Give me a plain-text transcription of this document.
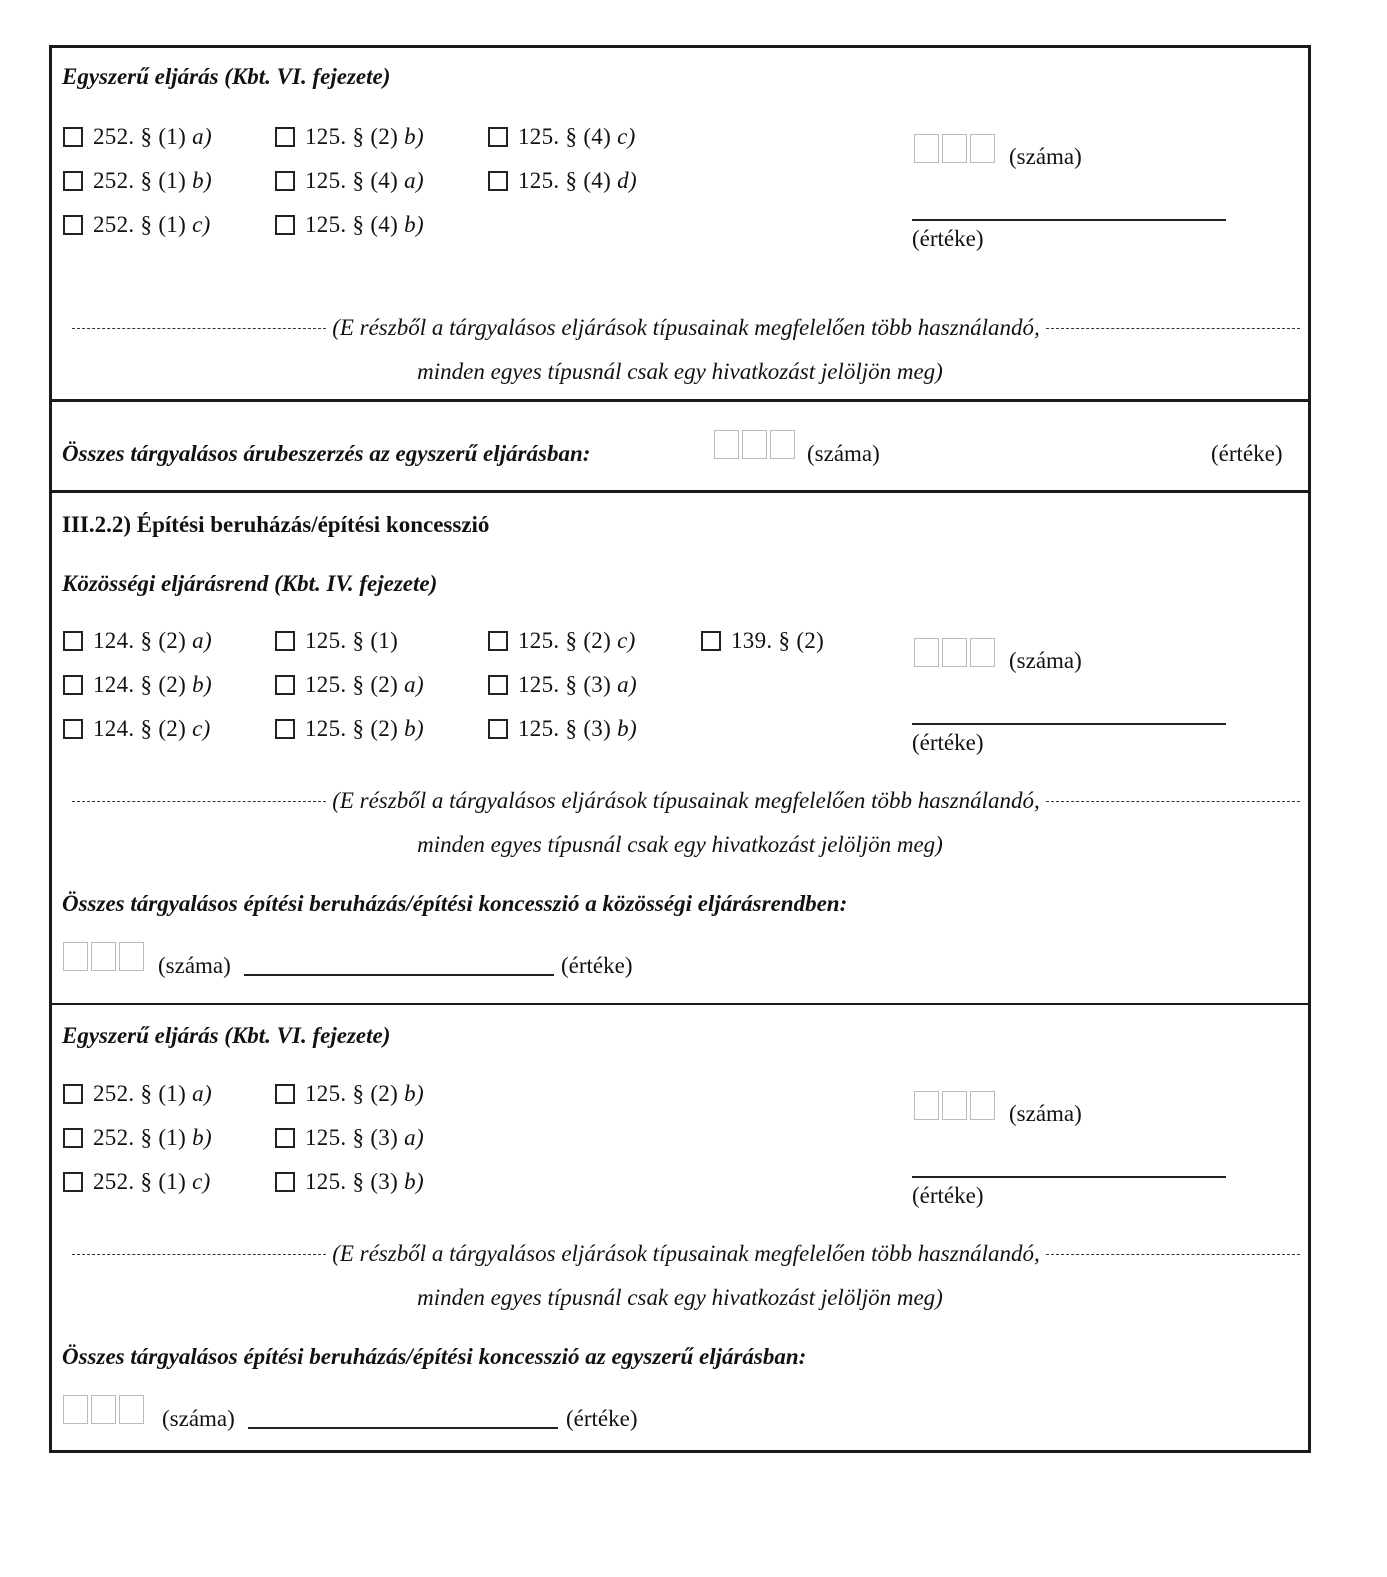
Egyszerű eljárás (Kbt. VI. fejezete)
252. § (1) a)
252. § (1) b)
252. § (1) c)
125. § (2) b)
125. § (4) a)
125. § (4) b)
125. § (4) c)
125. § (4) d)
(száma)
(értéke)
(E részből a tárgyalásos eljárások típusainak megfelelően több használandó,
minden egyes típusnál csak egy hivatkozást jelöljön meg)
Összes tárgyalásos árubeszerzés az egyszerű eljárásban:	(száma)	(értéke)
III.2.2) Építési beruházás/építési koncesszió
Közösségi eljárásrend (Kbt. IV. fejezete)
124. § (2) a)
124. § (2) b)
124. § (2) c)
125. § (1)
125. § (2) a)
125. § (2) b)
125. § (2) c)
125. § (3) a)
125. § (3) b)
139. § (2)
(száma)
(értéke)
(E részből a tárgyalásos eljárások típusainak megfelelően több használandó,
minden egyes típusnál csak egy hivatkozást jelöljön meg)
Összes tárgyalásos építési beruházás/építési koncesszió a közösségi eljárásrendben:
(száma)	(értéke)
Egyszerű eljárás (Kbt. VI. fejezete)
252. § (1) a)
252. § (1) b)
252. § (1) c)
125. § (2) b)
125. § (3) a)
125. § (3) b)
(száma)
(értéke)
(E részből a tárgyalásos eljárások típusainak megfelelően több használandó,
minden egyes típusnál csak egy hivatkozást jelöljön meg)
Összes tárgyalásos építési beruházás/építési koncesszió az egyszerű eljárásban:
(száma)	(értéke)
